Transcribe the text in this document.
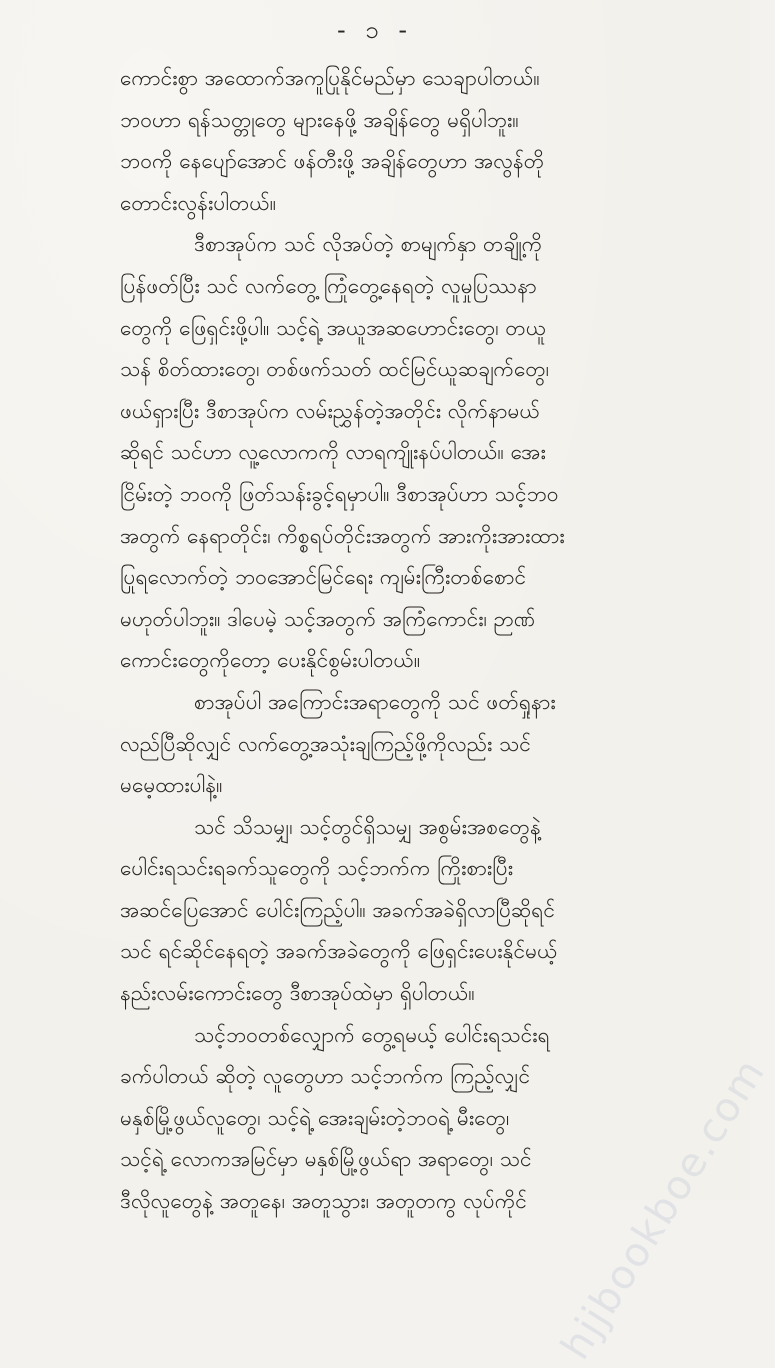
- ၁ -
ကောင်းစွာ အထောက်အကူပြုနိုင်မည်မှာ သေချာပါတယ်။
ဘဝဟာ ရန်သတ္တုတွေ များနေဖို့ အချိန်တွေ မရှိပါဘူး။
ဘဝကို နေပျော်အောင် ဖန်တီးဖို့ အချိန်တွေဟာ အလွန်တို
တောင်းလွန်းပါတယ်။
ဒီစာအုပ်က သင် လိုအပ်တဲ့ စာမျက်နှာ တချို့ကို
ပြန်ဖတ်ပြီး သင် လက်တွေ့ ကြုံတွေ့နေရတဲ့ လူမှုပြဿနာ
တွေကို ဖြေရှင်းဖို့ပါ။ သင့်ရဲ့ အယူအဆဟောင်းတွေ၊ တယူ
သန် စိတ်ထားတွေ၊ တစ်ဖက်သတ် ထင်မြင်ယူဆချက်တွေ၊
ဖယ်ရှားပြီး ဒီစာအုပ်က လမ်းညွှန်တဲ့အတိုင်း လိုက်နာမယ်
ဆိုရင် သင်ဟာ လူ့လောကကို လာရကျိုးနပ်ပါတယ်။ အေး
ငြိမ်းတဲ့ ဘဝကို ဖြတ်သန်းခွင့်ရမှာပါ။ ဒီစာအုပ်ဟာ သင့်ဘဝ
အတွက် နေရာတိုင်း၊ ကိစ္စရပ်တိုင်းအတွက် အားကိုးအားထား
ပြုရလောက်တဲ့ ဘဝအောင်မြင်ရေး ကျမ်းကြီးတစ်စောင်
မဟုတ်ပါဘူး။ ဒါပေမဲ့ သင့်အတွက် အကြံကောင်း၊ ဉာဏ်
ကောင်းတွေကိုတော့ ပေးနိုင်စွမ်းပါတယ်။
စာအုပ်ပါ အကြောင်းအရာတွေကို သင် ဖတ်ရှုနား
လည်ပြီဆိုလျှင် လက်တွေ့အသုံးချကြည့်ဖို့ကိုလည်း သင်
မမေ့ထားပါနဲ့။
သင် သိသမျှ၊ သင့်တွင်ရှိသမျှ အစွမ်းအစတွေနဲ့
ပေါင်းရသင်းရခက်သူတွေကို သင့်ဘက်က ကြိုးစားပြီး
အဆင်ပြေအောင် ပေါင်းကြည့်ပါ။ အခက်အခဲရှိလာပြီဆိုရင်
သင် ရင်ဆိုင်နေရတဲ့ အခက်အခဲတွေကို ဖြေရှင်းပေးနိုင်မယ့်
နည်းလမ်းကောင်းတွေ ဒီစာအုပ်ထဲမှာ ရှိပါတယ်။
သင့်ဘဝတစ်လျှောက် တွေ့ရမယ့် ပေါင်းရသင်းရ
ခက်ပါတယ် ဆိုတဲ့ လူတွေဟာ သင့်ဘက်က ကြည့်လျှင်
မနှစ်မြို့ဖွယ်လူတွေ၊ သင့်ရဲ့ အေးချမ်းတဲ့ဘဝရဲ့ မီးတွေ၊
သင့်ရဲ့ လောကအမြင်မှာ မနှစ်မြို့ဖွယ်ရာ အရာတွေ၊ သင်
ဒီလိုလူတွေနဲ့ အတူနေ၊ အတူသွား၊ အတူတကွ လုပ်ကိုင် hjjbookboe.com
